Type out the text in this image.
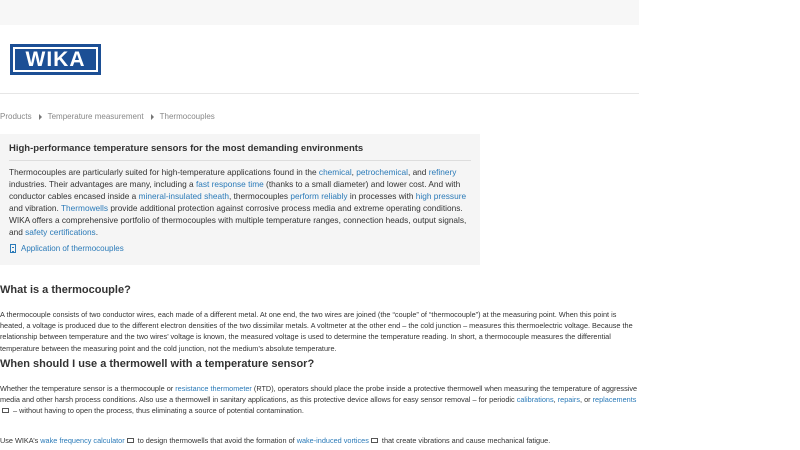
WIKA
Products Temperature measurement Thermocouples
High-performance temperature sensors for the most demanding environments

Thermocouples are particularly suited for high-temperature applications found in the chemical, petrochemical, and refinery industries. Their advantages are many, including a fast response time (thanks to a small diameter) and lower cost. And with conductor cables encased inside a mineral-insulated sheath, thermocouples perform reliably in processes with high pressure and vibration. Thermowells provide additional protection against corrosive process media and extreme operating conditions. WIKA offers a comprehensive portfolio of thermocouples with multiple temperature ranges, connection heads, output signals, and safety certifications.

Application of thermocouples
What is a thermocouple?

A thermocouple consists of two conductor wires, each made of a different metal. At one end, the two wires are joined (the “couple” of “thermocouple”) at the measuring point. When this point is heated, a voltage is produced due to the different electron densities of the two dissimilar metals. A voltmeter at the other end – the cold junction – measures this thermoelectric voltage. Because the relationship between temperature and the two wires’ voltage is known, the measured voltage is used to determine the temperature reading. In short, a thermocouple measures the differential temperature between the measuring point and the cold junction, not the medium’s absolute temperature.

When should I use a thermowell with a temperature sensor?

Whether the temperature sensor is a thermocouple or resistance thermometer (RTD), operators should place the probe inside a protective thermowell when measuring the temperature of aggressive media and other harsh process conditions. Also use a thermowell in sanitary applications, as this protective device allows for easy sensor removal – for periodic calibrations, repairs, or replacements – without having to open the process, thus eliminating a source of potential contamination.

Use WIKA’s wake frequency calculator to design thermowells that avoid the formation of wake-induced vortices that create vibrations and cause mechanical fatigue.
